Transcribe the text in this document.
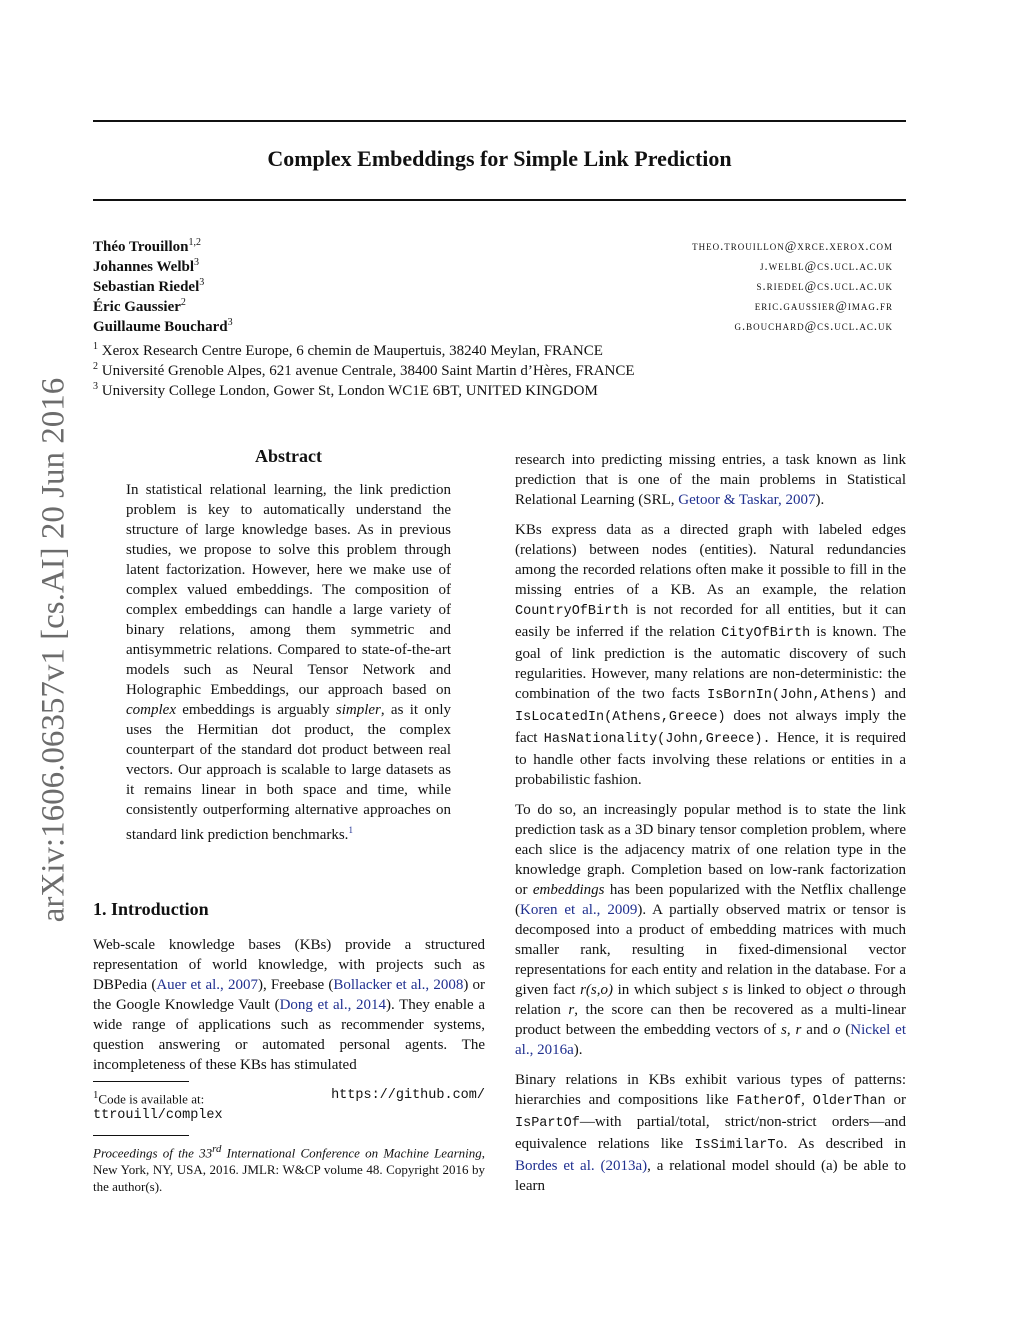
arXiv:1606.06357v1 [cs.AI] 20 Jun 2016
Complex Embeddings for Simple Link Prediction
Théo Trouillon$^{1,2}$	theo.trouillon@xrce.xerox.com
Johannes Welbl$^3$	j.welbl@cs.ucl.ac.uk
Sebastian Riedel$^3$	s.riedel@cs.ucl.ac.uk
Éric Gaussier$^2$	eric.gaussier@imag.fr
Guillaume Bouchard$^3$	g.bouchard@cs.ucl.ac.uk
$^1$ Xerox Research Centre Europe, 6 chemin de Maupertuis, 38240 Meylan, FRANCE
$^2$ Université Grenoble Alpes, 621 avenue Centrale, 38400 Saint Martin d’Hères, FRANCE
$^3$ University College London, Gower St, London WC1E 6BT, UNITED KINGDOM
Abstract

In statistical relational learning, the link prediction problem is key to automatically understand the structure of large knowledge bases. As in previous studies, we propose to solve this problem through latent factorization. However, here we make use of complex valued embeddings. The composition of complex embeddings can handle a large variety of binary relations, among them symmetric and antisymmetric relations. Compared to state-of-the-art models such as Neural Tensor Network and Holographic Embeddings, our approach based on complex embeddings is arguably simpler, as it only uses the Hermitian dot product, the complex counterpart of the standard dot product between real vectors. Our approach is scalable to large datasets as it remains linear in both space and time, while consistently outperforming alternative approaches on standard link prediction benchmarks.$^1$

1. Introduction

Web-scale knowledge bases (KBs) provide a structured representation of world knowledge, with projects such as DBPedia (Auer et al., 2007), Freebase (Bollacker et al., 2008) or the Google Knowledge Vault (Dong et al., 2014). They enable a wide range of applications such as recommender systems, question answering or automated personal agents. The incompleteness of these KBs has stimulated

$^1$Code is available at:	https://github.com/
ttrouill/complex
Proceedings of the 33rd International Conference on Machine Learning, New York, NY, USA, 2016. JMLR: W&CP volume 48. Copyright 2016 by the author(s).

research into predicting missing entries, a task known as link prediction that is one of the main problems in Statistical Relational Learning (SRL, Getoor & Taskar, 2007).

KBs express data as a directed graph with labeled edges (relations) between nodes (entities). Natural redundancies among the recorded relations often make it possible to fill in the missing entries of a KB. As an example, the relation CountryOfBirth is not recorded for all entities, but it can easily be inferred if the relation CityOfBirth is known. The goal of link prediction is the automatic discovery of such regularities. However, many relations are non-deterministic: the combination of the two facts IsBornIn(John,Athens) and IsLocatedIn(Athens,Greece) does not always imply the fact HasNationality(John,Greece). Hence, it is required to handle other facts involving these relations or entities in a probabilistic fashion.

To do so, an increasingly popular method is to state the link prediction task as a 3D binary tensor completion problem, where each slice is the adjacency matrix of one relation type in the knowledge graph. Completion based on low-rank factorization or embeddings has been popularized with the Netflix challenge (Koren et al., 2009). A partially observed matrix or tensor is decomposed into a product of embedding matrices with much smaller rank, resulting in fixed-dimensional vector representations for each entity and relation in the database. For a given fact r(s,o) in which subject s is linked to object o through relation r, the score can then be recovered as a multi-linear product between the embedding vectors of s, r and o (Nickel et al., 2016a).

Binary relations in KBs exhibit various types of patterns: hierarchies and compositions like FatherOf, OlderThan or IsPartOf—with partial/total, strict/non-strict orders—and equivalence relations like IsSimilarTo. As described in Bordes et al. (2013a), a relational model should (a) be able to learn
